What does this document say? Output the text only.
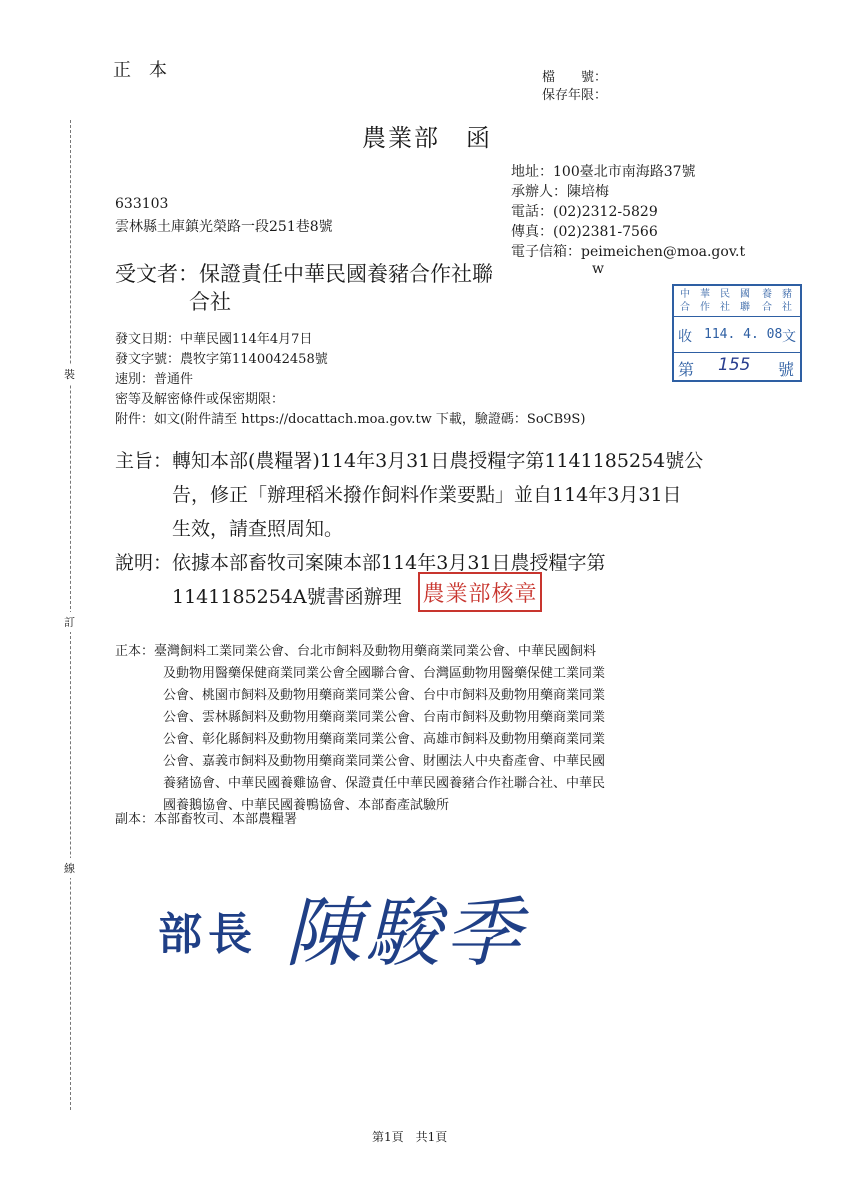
裝
訂
線
正　本	檔　　號：
保存年限：
農業部　函
地址：100臺北市南海路37號
承辦人：陳培梅
電話：(02)2312-5829
傳真：(02)2381-7566
電子信箱：peimeichen@moa.gov.t
w
633103
雲林縣土庫鎮光榮路一段251巷8號
受文者：保證責任中華民國養豬合作社聯
合社	中合
華作
民社
國聯
養合
豬社
收 114. 4. 08 文
第 155 號
發文日期：中華民國114年4月7日
發文字號：農牧字第1140042458號
速別：普通件
密等及解密條件或保密期限：
附件：如文(附件請至 https://docattach.moa.gov.tw 下載，驗證碼：SoCB9S)
主旨：轉知本部(農糧署)114年3月31日農授糧字第1141185254號公
告，修正「辦理稻米撥作飼料作業要點」並自114年3月31日
生效，請查照周知。
說明：依據本部畜牧司案陳本部114年3月31日農授糧字第
1141185254A號書函辦理 農業部核章
正本：臺灣飼料工業同業公會、台北市飼料及動物用藥商業同業公會、中華民國飼料
及動物用醫藥保健商業同業公會全國聯合會、台灣區動物用醫藥保健工業同業
公會、桃園市飼料及動物用藥商業同業公會、台中市飼料及動物用藥商業同業
公會、雲林縣飼料及動物用藥商業同業公會、台南市飼料及動物用藥商業同業
公會、彰化縣飼料及動物用藥商業同業公會、高雄市飼料及動物用藥商業同業
公會、嘉義市飼料及動物用藥商業同業公會、財團法人中央畜產會、中華民國
養豬協會、中華民國養雞協會、保證責任中華民國養豬合作社聯合社、中華民
國養鵝協會、中華民國養鴨協會、本部畜產試驗所
副本：本部畜牧司、本部農糧署
部長 陳駿季
第1頁　共1頁
